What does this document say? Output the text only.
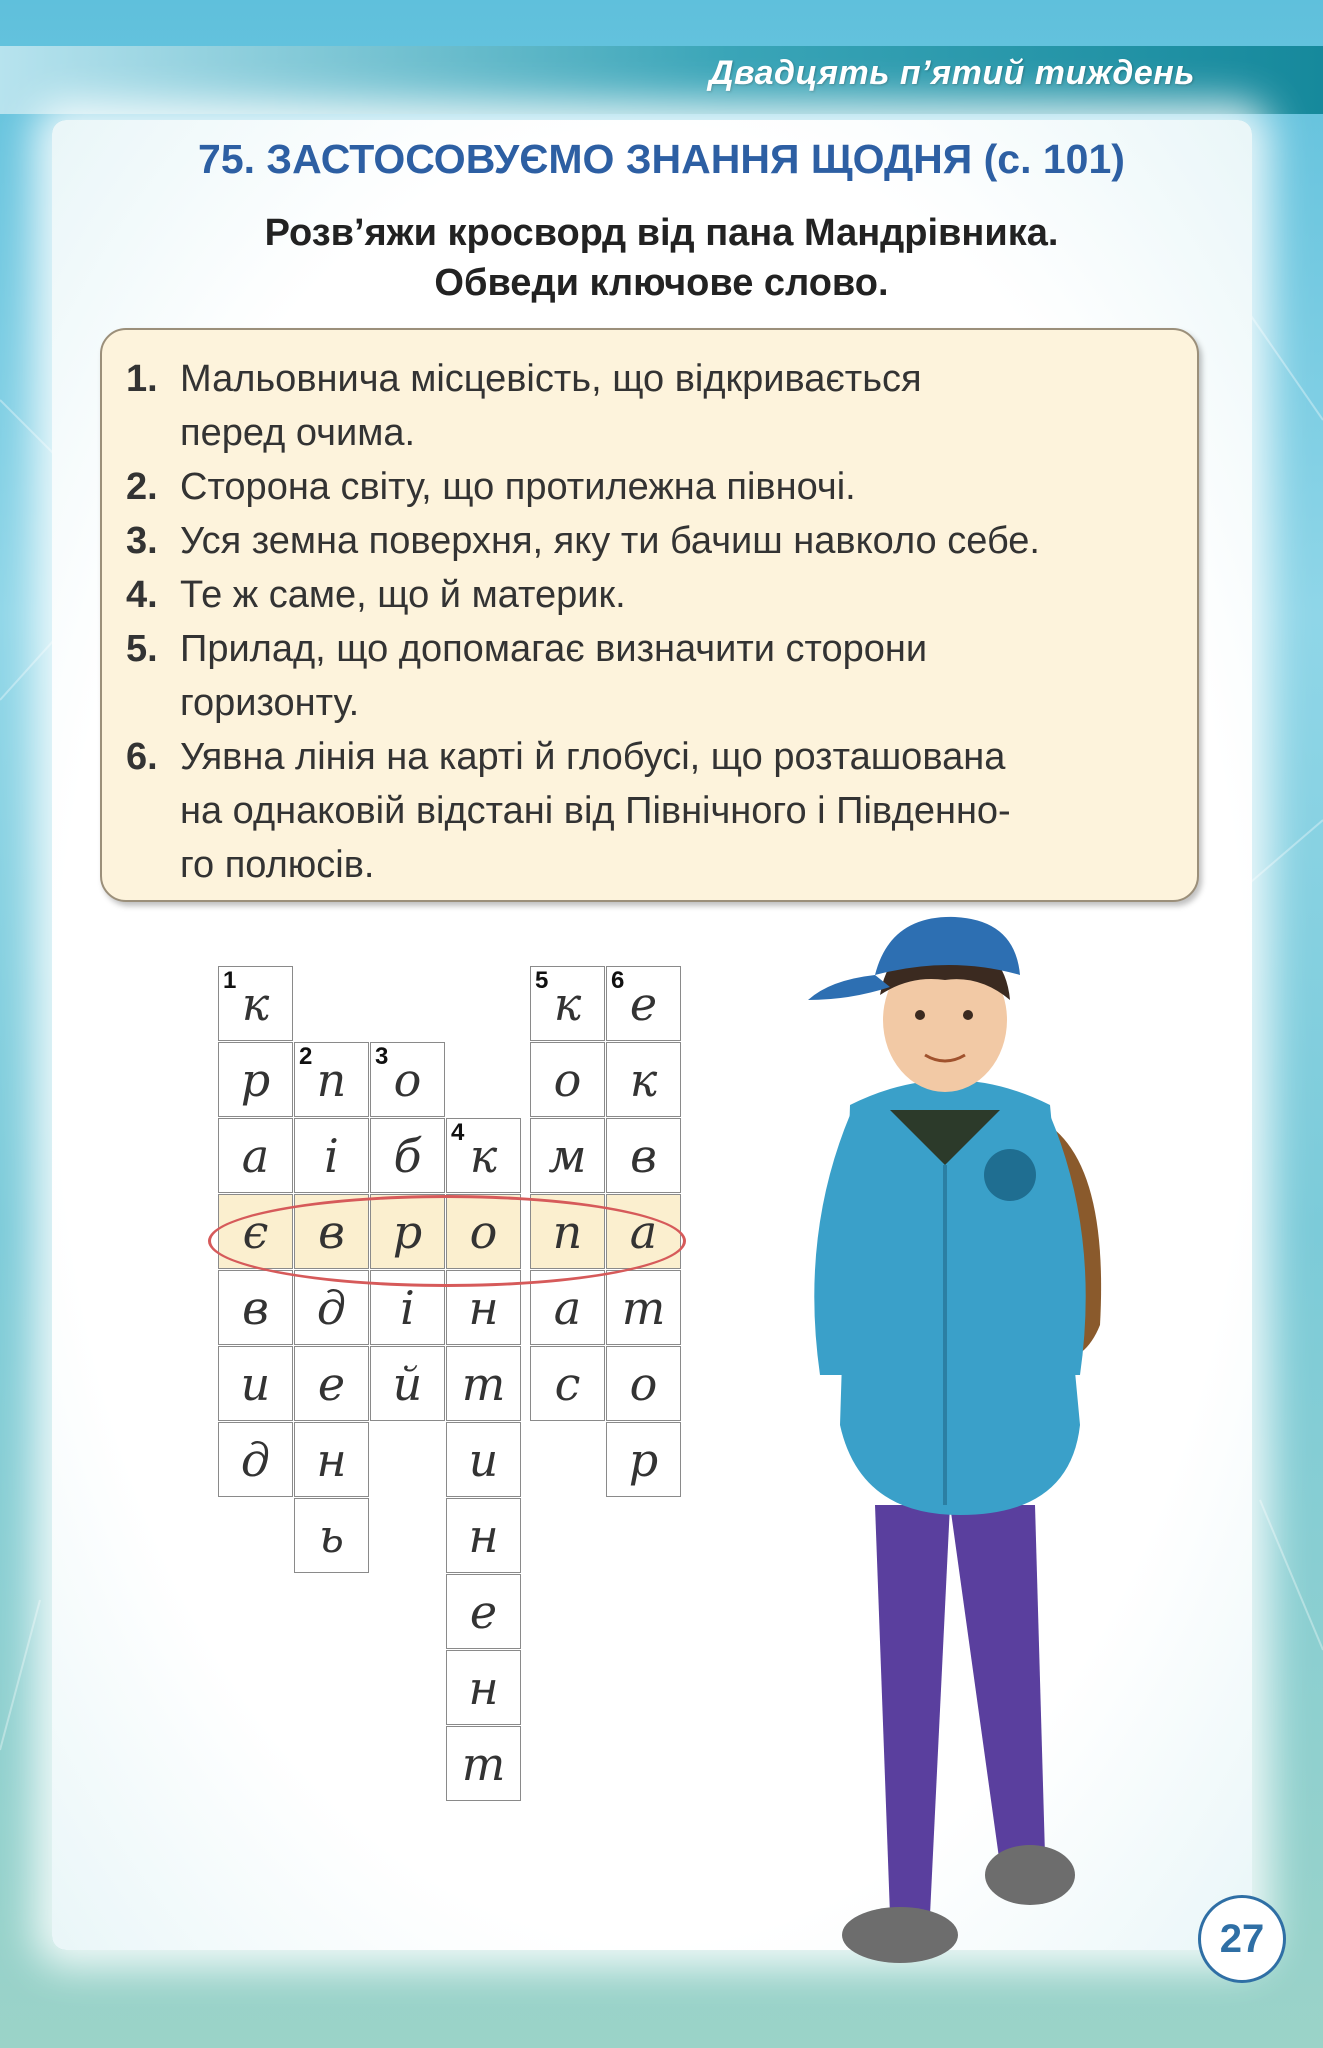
Двадцять п’ятий тиждень
75. ЗАСТОСОВУЄМО ЗНАННЯ ЩОДНЯ (с. 101)
Розв’яжи кросворд від пана Мандрівника.
Обведи ключове слово.
1. Мальовнича місцевість, що відкривається
перед очима.
2. Сторона світу, що протилежна півночі.
3. Уся земна поверхня, яку ти бачиш навколо себе.
4. Те ж саме, що й материк.
5. Прилад, що допомагає визначити сторони
горизонту.
6. Уявна лінія на карті й глобусі, що розташована
на однаковій відстані від Північного і Південно-
го полюсів.
к
1
р
а
є
в
и
д
п
2
і
в
д
е
н
ь
о
3
б
р
і
й
к
4
о
н
т
и
н
е
н
т
к
5
о
м
п
а
с
е
6
к
в
а
т
о
р
27
